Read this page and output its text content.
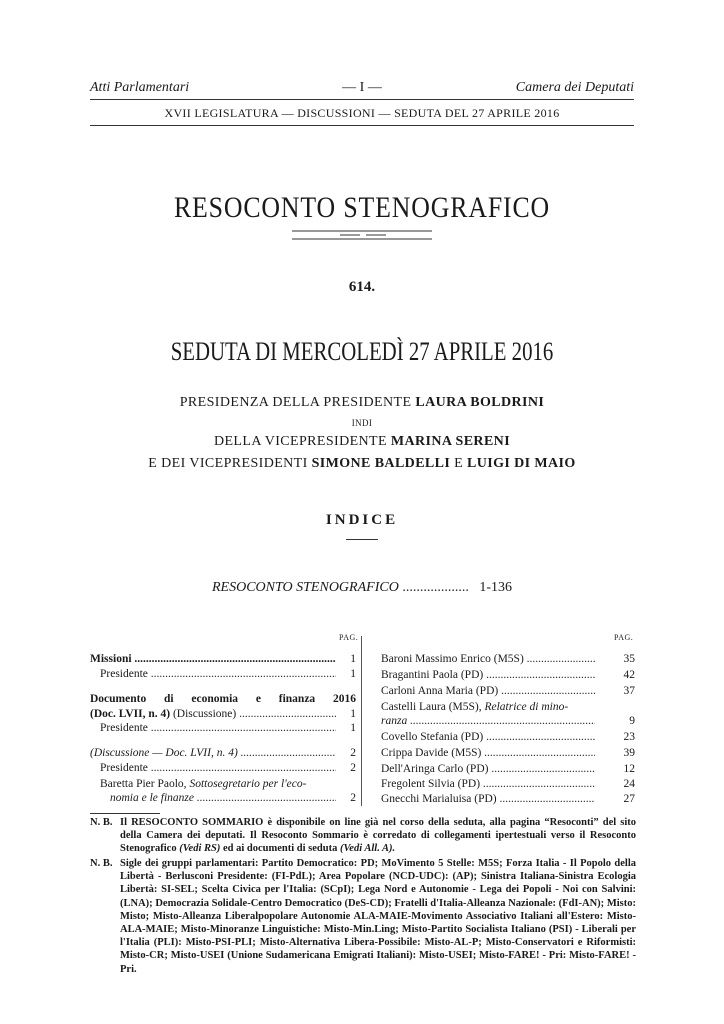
Atti Parlamentari	— I —	Camera dei Deputati
XVII LEGISLATURA — DISCUSSIONI — SEDUTA DEL 27 APRILE 2016
RESOCONTO STENOGRAFICO
614.
SEDUTA DI MERCOLEDÌ 27 APRILE 2016
PRESIDENZA DELLA PRESIDENTE LAURA BOLDRINI
INDI
DELLA VICEPRESIDENTE MARINA SERENI
E DEI VICEPRESIDENTI SIMONE BALDELLI E LUIGI DI MAIO
INDICE
RESOCONTO STENOGRAFICO ................... 1-136
PAG.	PAG.
Missioni .....	1
Presidente .....	1
Documento di economia e finanza 2016
(Doc. LVII, n. 4) (Discussione) .....	1
Presidente .....	1
(Discussione — Doc. LVII, n. 4) .....	2
Presidente .....	2
Baretta Pier Paolo, Sottosegretario per l'eco-
nomia e le finanze .....	2
Baroni Massimo Enrico (M5S) .....	35
Bragantini Paola (PD) .....	42
Carloni Anna Maria (PD) .....	37
Castelli Laura (M5S), Relatrice di mino-
ranza .....	9
Covello Stefania (PD) .....	23
Crippa Davide (M5S) .....	39
Dell'Aringa Carlo (PD) .....	12
Fregolent Silvia (PD) .....	24
Gnecchi Marialuisa (PD) .....	27
N. B. Il RESOCONTO SOMMARIO è disponibile on line già nel corso della seduta, alla pagina “Resoconti” del sito della Camera dei deputati. Il Resoconto Sommario è corredato di collegamenti ipertestuali verso il Resoconto Stenografico (Vedi RS) ed ai documenti di seduta (Vedi All. A).
N. B. Sigle dei gruppi parlamentari: Partito Democratico: PD; MoVimento 5 Stelle: M5S; Forza Italia - Il Popolo della Libertà - Berlusconi Presidente: (FI-PdL); Area Popolare (NCD-UDC): (AP); Sinistra Italiana-Sinistra Ecologia Libertà: SI-SEL; Scelta Civica per l'Italia: (SCpI); Lega Nord e Autonomie - Lega dei Popoli - Noi con Salvini: (LNA); Democrazia Solidale-Centro Democratico (DeS-CD); Fratelli d'Italia-Alleanza Nazionale: (FdI-AN); Misto: Misto; Misto-Alleanza Liberalpopolare Autonomie ALA-MAIE-Movimento Associativo Italiani all'Estero: Misto-ALA-MAIE; Misto-Minoranze Linguistiche: Misto-Min.Ling; Misto-Partito Socialista Italiano (PSI) - Liberali per l'Italia (PLI): Misto-PSI-PLI; Misto-Alternativa Libera-Possibile: Misto-AL-P; Misto-Conservatori e Riformisti: Misto-CR; Misto-USEI (Unione Sudamericana Emigrati Italiani): Misto-USEI; Misto-FARE! - Pri: Misto-FARE! - Pri.
